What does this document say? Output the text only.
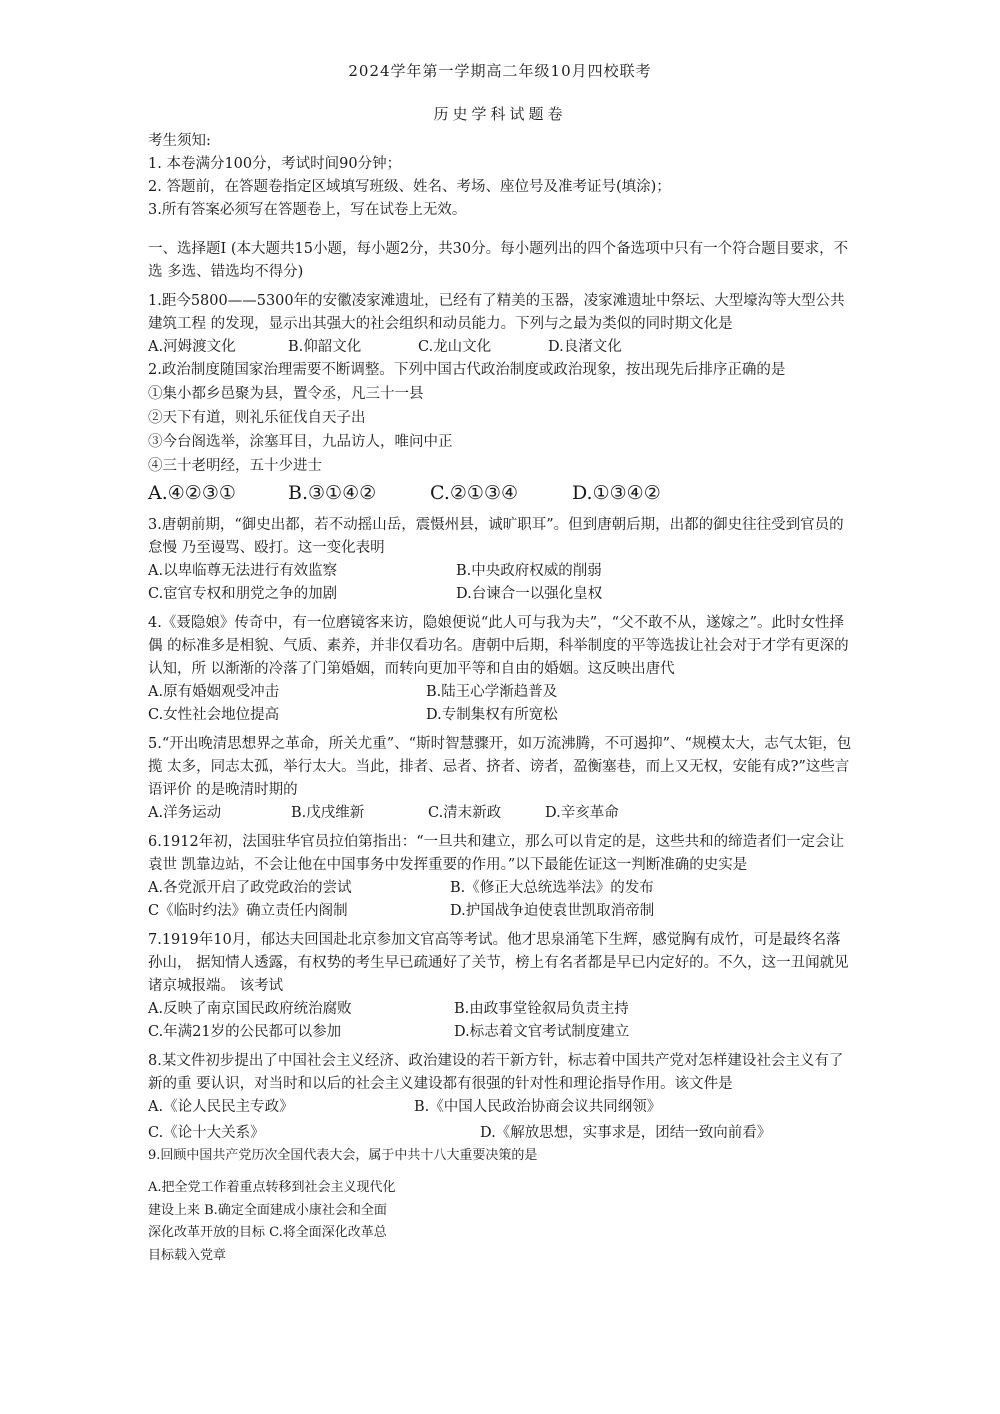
2024学年第一学期高二年级10月四校联考
历史学科试题卷
考生须知:
1. 本卷满分100分，考试时间90分钟；
2. 答题前，在答题卷指定区域填写班级、姓名、考场、座位号及准考证号(填涂)；
3.所有答案必须写在答题卷上，写在试卷上无效。
一、选择题I (本大题共15小题，每小题2分，共30分。每小题列出的四个备选项中只有一个符合题目要求，不选 多选、错选均不得分)
1.距今5800——5300年的安徽凌家滩遗址，已经有了精美的玉器，凌家滩遗址中祭坛、大型壕沟等大型公共建筑工程 的发现，显示出其强大的社会组织和动员能力。下列与之最为类似的同时期文化是
A.河姆渡文化	B.仰韶文化	C.龙山文化	D.良渚文化
2.政治制度随国家治理需要不断调整。下列中国古代政治制度或政治现象，按出现先后排序正确的是
①集小都乡邑聚为县，置令丞，凡三十一县
②天下有道，则礼乐征伐自天子出
③今台阁选举，涂塞耳目，九品访人，唯问中正
④三十老明经，五十少进士
A.④②③①	B.③①④②	C.②①③④	D.①③④②
3.唐朝前期，“御史出都，若不动摇山岳，震慑州县，诚旷职耳”。但到唐朝后期，出都的御史往往受到官员的怠慢 乃至谩骂、殴打。这一变化表明
A.以卑临尊无法进行有效监察	B.中央政府权威的削弱
C.宦官专权和朋党之争的加剧	D.台谏合一以强化皇权
4.《聂隐娘》传奇中，有一位磨镜客来访，隐娘便说“此人可与我为夫”，“父不敢不从，遂嫁之”。此时女性择偶 的标准多是相貌、气质、素养，并非仅看功名。唐朝中后期，科举制度的平等选拔让社会对于才学有更深的认知，所 以渐渐的冷落了门第婚姻，而转向更加平等和自由的婚姻。这反映出唐代
A.原有婚姻观受冲击	B.陆王心学渐趋普及
C.女性社会地位提高	D.专制集权有所宽松
5.“开出晚清思想界之革命，所关尤重”、“斯时智慧骤开，如万流沸腾，不可遏抑”、“规模太大，志气太钜，包揽 太多，同志太孤，举行太大。当此，排者、忌者、挤者、谤者，盈衡塞巷，而上又无权，安能有成?”这些言语评价 的是晚清时期的
A.洋务运动	B.戊戌维新	C.清末新政	D.辛亥革命
6.1912年初，法国驻华官员拉伯第指出：“一旦共和建立，那么可以肯定的是，这些共和的缔造者们一定会让袁世 凯靠边站，不会让他在中国事务中发挥重要的作用。”以下最能佐证这一判断准确的史实是
A.各党派开启了政党政治的尝试	B.《修正大总统选举法》的发布
C《临时约法》确立责任内阁制	D.护国战争迫使袁世凯取消帝制
7.1919年10月，郁达夫回国赴北京参加文官高等考试。他才思泉涌笔下生辉，感觉胸有成竹，可是最终名落孙山， 据知情人透露，有权势的考生早已疏通好了关节，榜上有名者都是早已内定好的。不久，这一丑闻就见诸京城报端。 该考试
A.反映了南京国民政府统治腐败	B.由政事堂铨叙局负责主持
C.年满21岁的公民都可以参加	D.标志着文官考试制度建立
8.某文件初步提出了中国社会主义经济、政治建设的若干新方针，标志着中国共产党对怎样建设社会主义有了新的重 要认识，对当时和以后的社会主义建设都有很强的针对性和理论指导作用。该文件是
A.《论人民民主专政》	B.《中国人民政治协商会议共同纲领》
C.《论十大关系》	D.《解放思想，实事求是，团结一致向前看》
9.回顾中国共产党历次全国代表大会，属于中共十八大重要决策的是
A.把全党工作着重点转移到社会主义现代化建设上来 B.确定全面建成小康社会和全面深化改革开放的目标 C.将全面深化改革总目标载入党章
